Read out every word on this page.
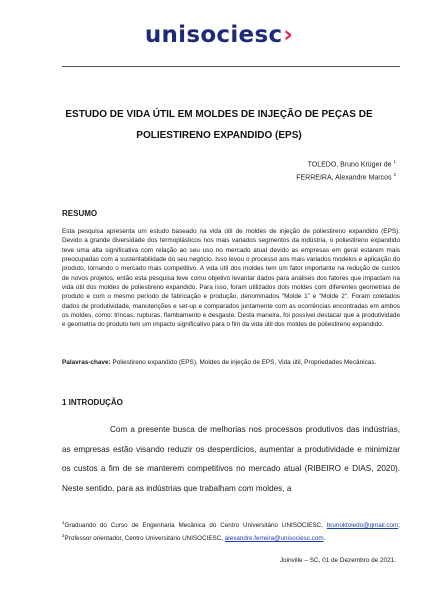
unisociesc›
ESTUDO DE VIDA ÚTIL EM MOLDES DE INJEÇÃO DE PEÇAS DE
POLIESTIRENO EXPANDIDO (EPS)
TOLEDO, Bruno Krüger de $^1$
FERREIRA, Alexandre Marcos $^2$
RESUMO
Esta pesquisa apresenta um estudo baseado na vida útil de moldes de injeção de poliestireno expandido (EPS). Devido a grande diversidade dos termoplásticos nos mais variados segmentos da indústria, o poliestireno expandido teve uma alta significativa com relação ao seu uso no mercado atual devido as empresas em geral estarem mais preocupadas com a sustentabilidade do seu negócio. Isso levou o processo aos mais variados modelos e aplicação do produto, tornando o mercado mais competitivo. A vida útil dos moldes tem um fator importante na redução de custos de novos projetos, então esta pesquisa teve como objetivo levantar dados para análises dos fatores que impactam na vida útil dos moldes de poliestireno expandido. Para isso, foram utilizados dois moldes com diferentes geometrias de produto e com o mesmo período de fabricação e produção, denominados "Molde 1" e "Molde 2". Foram coletados dados de produtividade, manutenções e set-up e comparados juntamente com as ocorrências encontradas em ambos os moldes, como: trincas, rupturas, flambamento e desgaste. Desta maneira, foi possível destacar que a produtividade e geometria do produto tem um impacto significativo para o fim da vida útil dos moldes de poliestireno expandido.
Palavras-chave: Poliestireno expandido (EPS), Moldes de injeção de EPS, Vida útil, Propriedades Mecânicas.
1 INTRODUÇÃO
Com a presente busca de melhorias nos processos produtivos das indústrias, as empresas estão visando reduzir os desperdícios, aumentar a produtividade e minimizar os custos a fim de se manterem competitivos no mercado atual (RIBEIRO e DIAS, 2020). Neste sentido, para as indústrias que trabalham com moldes, a
$^1$Graduando do Curso de Engenharia Mecânica do Centro Universitário UNISOCIESC, brunoktoledo@gmail.com; $^2$Professor orientador, Centro Universitário UNISOCIESC, alexandre.ferreira@unisociesc.com.
Joinville – SC, 01 de Dezembro de 2021.
